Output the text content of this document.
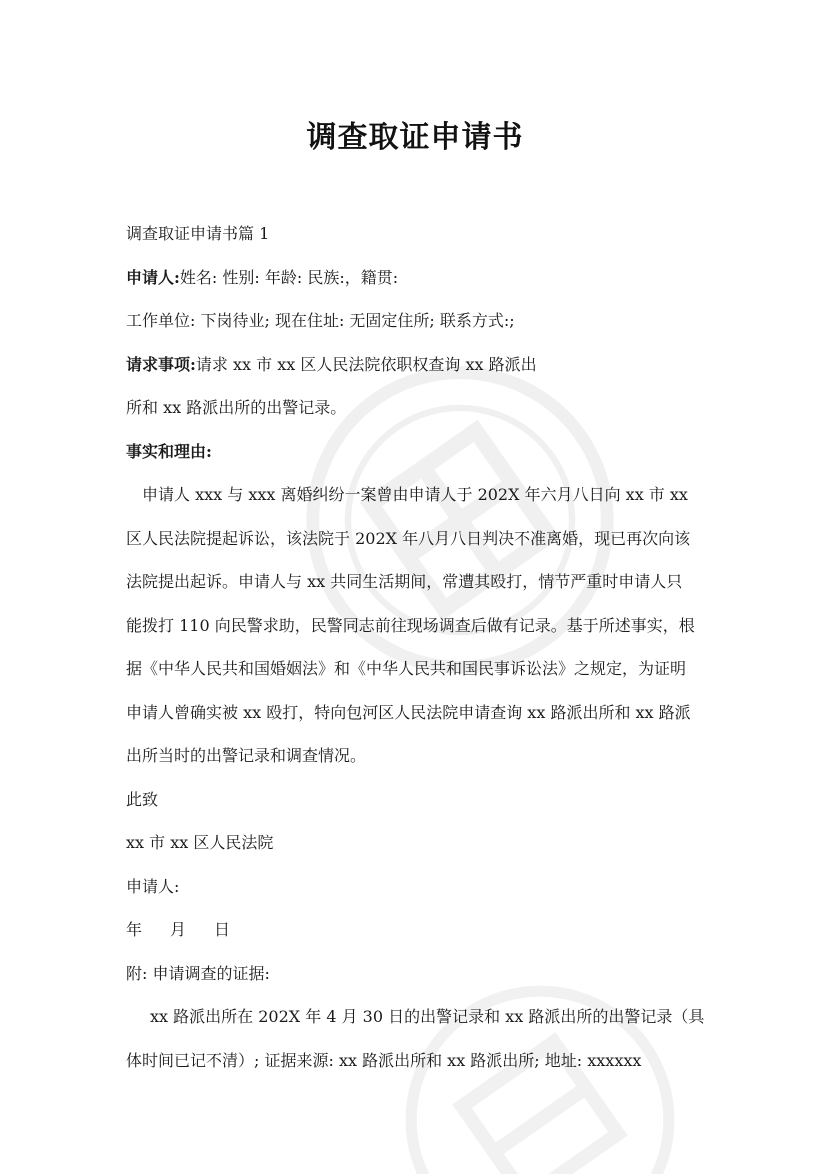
调查取证申请书

调查取证申请书篇 1

申请人:姓名: 性别: 年龄: 民族:，籍贯:

工作单位: 下岗待业; 现在住址: 无固定住所; 联系方式:;

请求事项:请求 xx 市 xx 区人民法院依职权查询 xx 路派出

所和 xx 路派出所的出警记录。

事实和理由:

申请人 xxx 与 xxx 离婚纠纷一案曾由申请人于 202X 年六月八日向 xx 市 xx

区人民法院提起诉讼，该法院于 202X 年八月八日判决不准离婚，现已再次向该

法院提出起诉。申请人与 xx 共同生活期间，常遭其殴打，情节严重时申请人只

能拨打 110 向民警求助，民警同志前往现场调查后做有记录。基于所述事实，根

据《中华人民共和国婚姻法》和《中华人民共和国民事诉讼法》之规定，为证明

申请人曾确实被 xx 殴打，特向包河区人民法院申请查询 xx 路派出所和 xx 路派

出所当时的出警记录和调查情况。

此致

xx 市 xx 区人民法院

申请人:

年 月 日

附: 申请调查的证据:

xx 路派出所在 202X 年 4 月 30 日的出警记录和 xx 路派出所的出警记录（具

体时间已记不清）; 证据来源: xx 路派出所和 xx 路派出所; 地址: xxxxxx
